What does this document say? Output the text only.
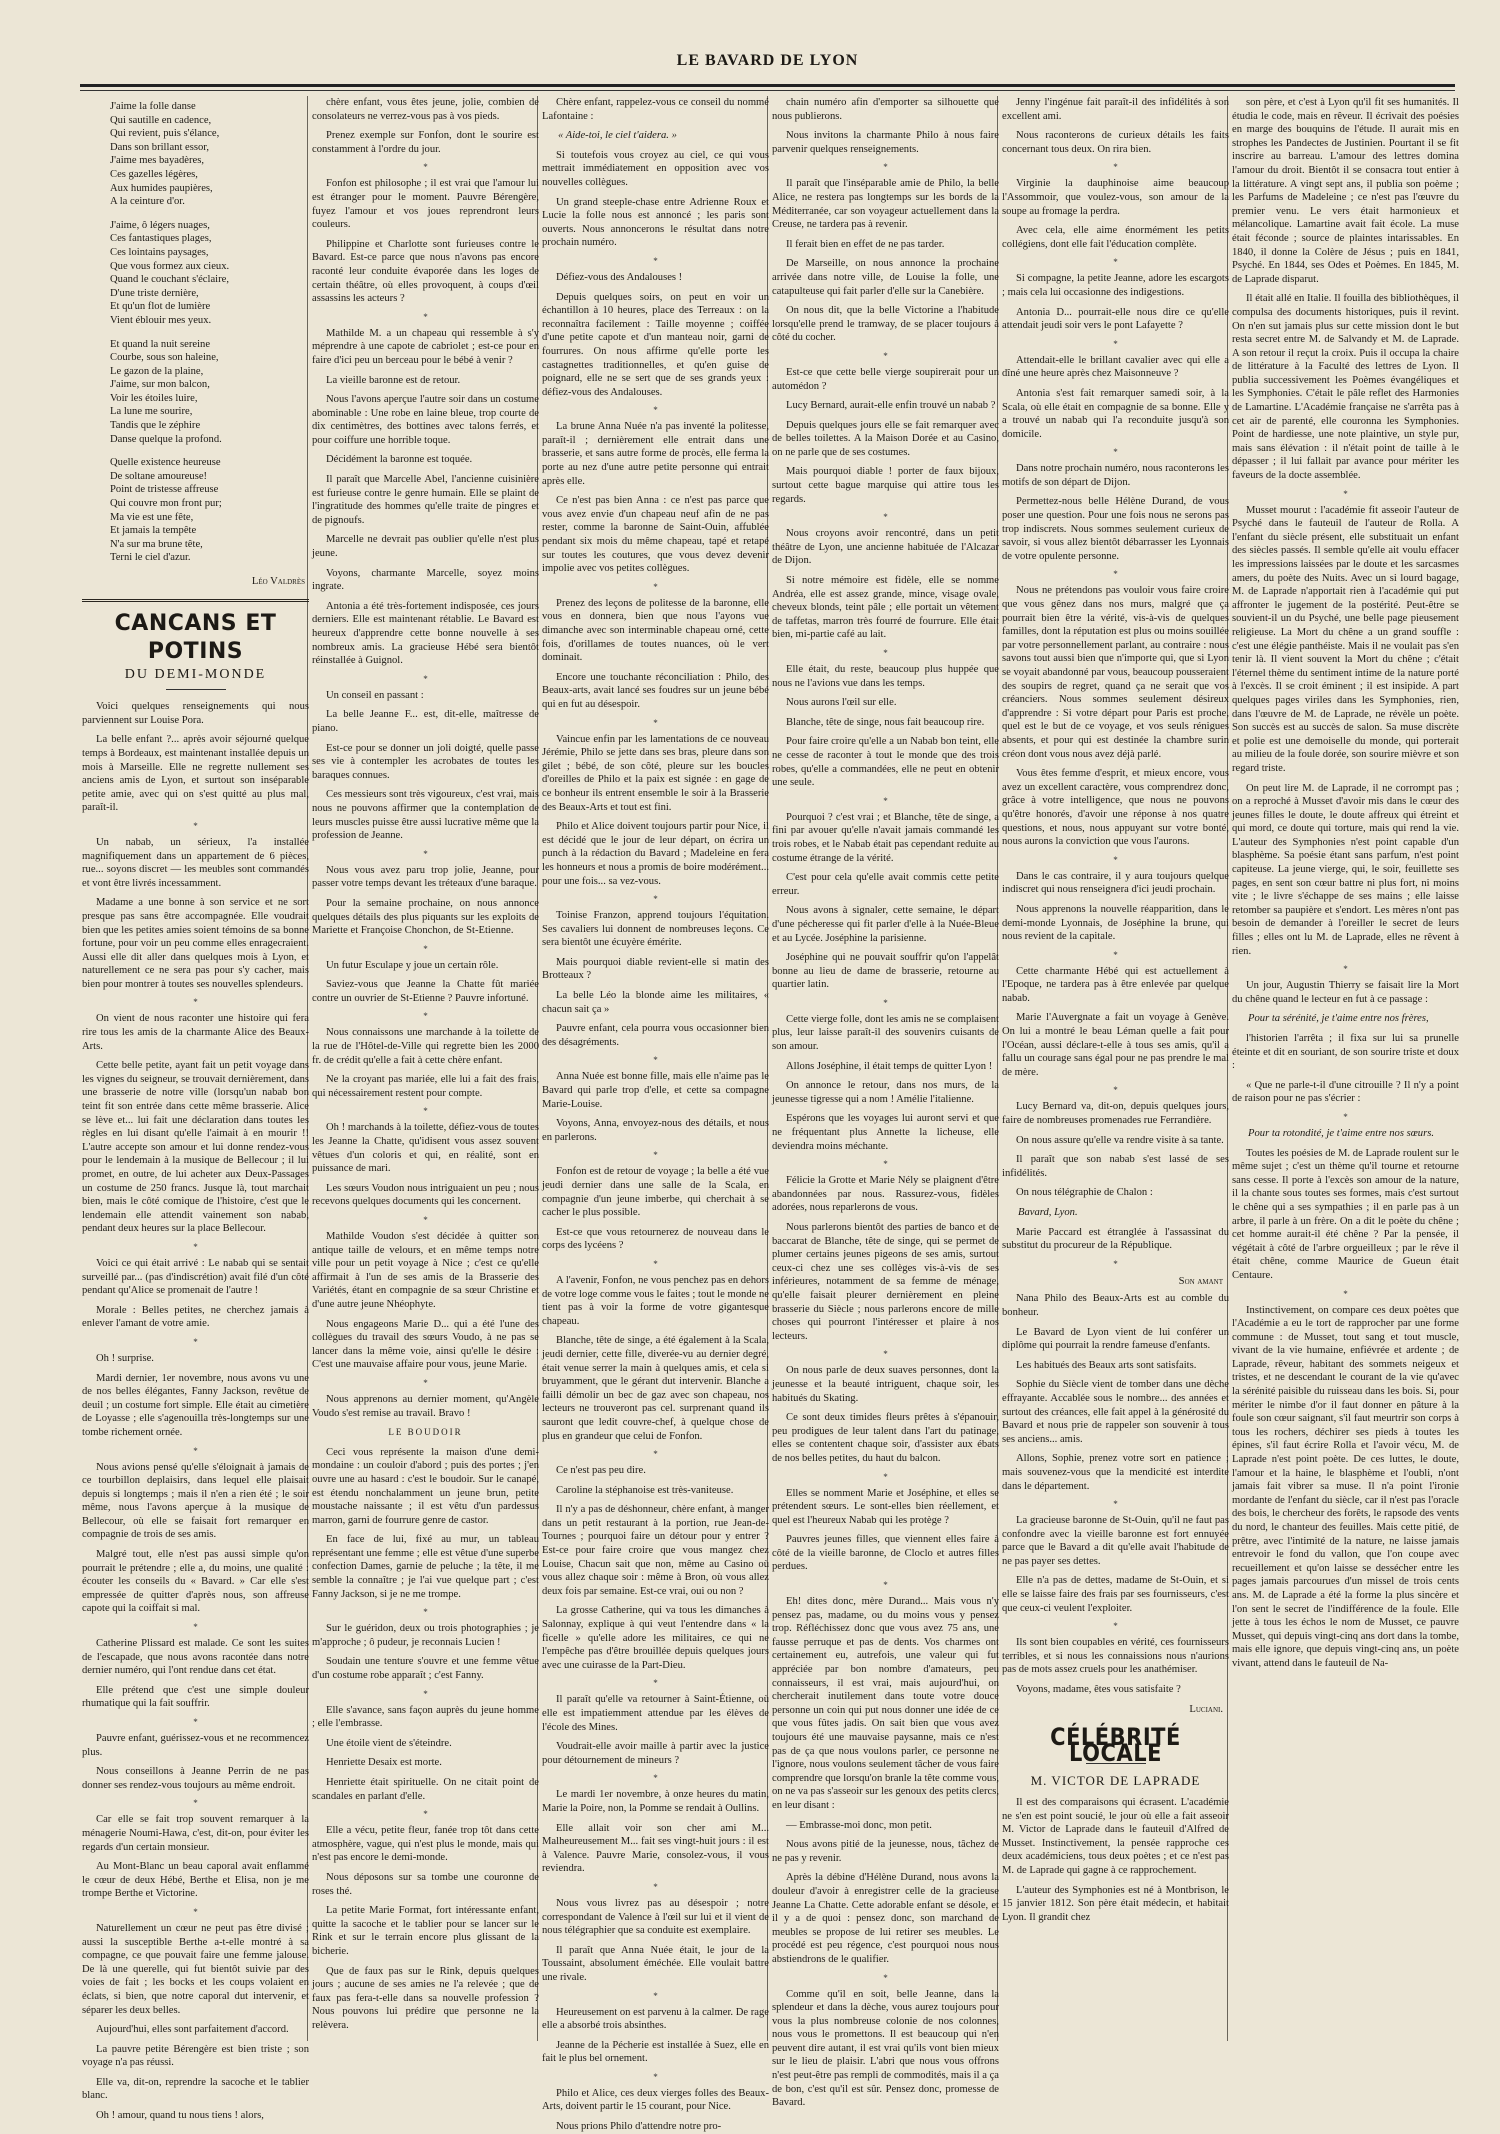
LE BAVARD DE LYON
J'aime la folle danse
Qui sautille en cadence,
Qui revient, puis s'élance,
Dans son brillant essor,
J'aime mes bayadères,
Ces gazelles légères,
Aux humides paupières,
A la ceinture d'or.
J'aime, ô légers nuages,
Ces fantastiques plages,
Ces lointains paysages,
Que vous formez aux cieux.
Quand le couchant s'éclaire,
D'une triste dernière,
Et qu'un flot de lumière
Vient éblouir mes yeux.
Et quand la nuit sereine
Courbe, sous son haleine,
Le gazon de la plaine,
J'aime, sur mon balcon,
Voir les étoiles luire,
La lune me sourire,
Tandis que le zéphire
Danse quelque la profond.
Quelle existence heureuse
De soltane amoureuse!
Point de tristesse affreuse
Qui couvre mon front pur;
Ma vie est une fête,
Et jamais la tempête
N'a sur ma brune tête,
Terni le ciel d'azur.
Léo Valdrès
CANCANS ET POTINS
DU DEMI-MONDE

Voici quelques renseignements qui nous parviennent sur Louise Pora.

La belle enfant ?... après avoir séjourné quelque temps à Bordeaux, est maintenant installée depuis un mois à Marseille. Elle ne regrette nullement ses anciens amis de Lyon, et surtout son inséparable petite amie, avec qui on s'est quitté au plus mal, paraît-il.

*

Un nabab, un sérieux, l'a installée magnifiquement dans un appartement de 6 pièces, rue... soyons discret — les meubles sont commandés et vont être livrés incessamment.

Madame a une bonne à son service et ne sort presque pas sans être accompagnée. Elle voudrait bien que les petites amies soient témoins de sa bonne fortune, pour voir un peu comme elles enragecraient. Aussi elle dit aller dans quelques mois à Lyon, et naturellement ce ne sera pas pour s'y cacher, mais bien pour montrer à toutes ses nouvelles splendeurs.

*

On vient de nous raconter une histoire qui fera rire tous les amis de la charmante Alice des Beaux-Arts.

Cette belle petite, ayant fait un petit voyage dans les vignes du seigneur, se trouvait dernièrement, dans une brasserie de notre ville (lorsqu'un nabab bon teint fit son entrée dans cette même brasserie. Alice se lève et... lui fait une déclaration dans toutes les règles en lui disant qu'elle l'aimait à en mourir !! L'autre accepte son amour et lui donne rendez-vous pour le lendemain à la musique de Bellecour ; il lui promet, en outre, de lui acheter aux Deux-Passages un costume de 250 francs. Jusque là, tout marchait bien, mais le côté comique de l'histoire, c'est que le lendemain elle attendit vainement son nabab, pendant deux heures sur la place Bellecour.

*

Voici ce qui était arrivé : Le nabab qui se sentait surveillé par... (pas d'indiscrétion) avait filé d'un côté pendant qu'Alice se promenait de l'autre !

Morale : Belles petites, ne cherchez jamais à enlever l'amant de votre amie.

*

Oh ! surprise.

Mardi dernier, 1er novembre, nous avons vu une de nos belles élégantes, Fanny Jackson, revêtue de deuil ; un costume fort simple. Elle était au cimetière de Loyasse ; elle s'agenouilla très-longtemps sur une tombe richement ornée.

*

Nous avions pensé qu'elle s'éloignait à jamais de ce tourbillon deplaisirs, dans lequel elle plaisait depuis si longtemps ; mais il n'en a rien été ; le soir même, nous l'avons aperçue à la musique de Bellecour, où elle se faisait fort remarquer en compagnie de trois de ses amis.

Malgré tout, elle n'est pas aussi simple qu'on pourrait le prétendre ; elle a, du moins, une qualité : écouter les conseils du « Bavard. » Car elle s'est empressée de quitter d'après nous, son affreuse capote qui la coiffait si mal.

*

Catherine Plissard est malade. Ce sont les suites de l'escapade, que nous avons racontée dans notre dernier numéro, qui l'ont rendue dans cet état.

Elle prétend que c'est une simple douleur rhumatique qui la fait souffrir.

*

Pauvre enfant, guérissez-vous et ne recommencez plus.

Nous conseillons à Jeanne Perrin de ne pas donner ses rendez-vous toujours au même endroit.

*

Car elle se fait trop souvent remarquer à la ménagerie Noumi-Hawa, c'est, dit-on, pour éviter les regards d'un certain monsieur.

Au Mont-Blanc un beau caporal avait enflammé le cœur de deux Hébé, Berthe et Elisa, non je me trompe Berthe et Victorine.

*

Naturellement un cœur ne peut pas être divisé ; aussi la susceptible Berthe a-t-elle montré à sa compagne, ce que pouvait faire une femme jalouse. De là une querelle, qui fut bientôt suivie par des voies de fait ; les bocks et les coups volaient en éclats, si bien, que notre caporal dut intervenir, et séparer les deux belles.

Aujourd'hui, elles sont parfaitement d'accord.

La pauvre petite Bérengère est bien triste ; son voyage n'a pas réussi.

Elle va, dit-on, reprendre la sacoche et le tablier blanc.

Oh ! amour, quand tu nous tiens ! alors,

chère enfant, vous êtes jeune, jolie, combien de consolateurs ne verrez-vous pas à vos pieds.

Prenez exemple sur Fonfon, dont le sourire est constamment à l'ordre du jour.

*

Fonfon est philosophe ; il est vrai que l'amour lui est étranger pour le moment. Pauvre Bérengère, fuyez l'amour et vos joues reprendront leurs couleurs.

Philippine et Charlotte sont furieuses contre le Bavard. Est-ce parce que nous n'avons pas encore raconté leur conduite évaporée dans les loges de certain théâtre, où elles provoquent, à coups d'œil assassins les acteurs ?

*

Mathilde M. a un chapeau qui ressemble à s'y méprendre à une capote de cabriolet ; est-ce pour en faire d'ici peu un berceau pour le bébé à venir ?

La vieille baronne est de retour.

Nous l'avons aperçue l'autre soir dans un costume abominable : Une robe en laine bleue, trop courte de dix centimètres, des bottines avec talons ferrés, et pour coiffure une horrible toque.

Décidément la baronne est toquée.

Il paraît que Marcelle Abel, l'ancienne cuisinière est furieuse contre le genre humain. Elle se plaint de l'ingratitude des hommes qu'elle traite de pingres et de pignoufs.

Marcelle ne devrait pas oublier qu'elle n'est plus jeune.

Voyons, charmante Marcelle, soyez moins ingrate.

Antonia a été très-fortement indisposée, ces jours derniers. Elle est maintenant rétablie. Le Bavard est heureux d'apprendre cette bonne nouvelle à ses nombreux amis. La gracieuse Hébé sera bientôt réinstallée à Guignol.

*

Un conseil en passant :

La belle Jeanne F... est, dit-elle, maîtresse de piano.

Est-ce pour se donner un joli doigté, quelle passe ses vie à contempler les acrobates de toutes les baraques connues.

Ces messieurs sont très vigoureux, c'est vrai, mais nous ne pouvons affirmer que la contemplation de leurs muscles puisse être aussi lucrative même que la profession de Jeanne.

*

Nous vous avez paru trop jolie, Jeanne, pour passer votre temps devant les tréteaux d'une baraque.

Pour la semaine prochaine, on nous annonce quelques détails des plus piquants sur les exploits de Mariette et Françoise Chonchon, de St-Etienne.

*

Un futur Esculape y joue un certain rôle.

Saviez-vous que Jeanne la Chatte fût mariée contre un ouvrier de St-Etienne ? Pauvre infortuné.

*

Nous connaissons une marchande à la toilette de la rue de l'Hôtel-de-Ville qui regrette bien les 2000 fr. de crédit qu'elle a fait à cette chère enfant.

Ne la croyant pas mariée, elle lui a fait des frais, qui nécessairement restent pour compte.

*

Oh ! marchands à la toilette, défiez-vous de toutes les Jeanne la Chatte, qu'idisent vous assez souvent vêtues d'un coloris et qui, en réalité, sont en puissance de mari.

Les sœurs Voudon nous intriguaient un peu ; nous recevons quelques documents qui les concernent.

*

Mathilde Voudon s'est décidée à quitter son antique taille de velours, et en même temps notre ville pour un petit voyage à Nice ; c'est ce qu'elle affirmait à l'un de ses amis de la Brasserie des Variétés, étant en compagnie de sa sœur Christine et d'une autre jeune Nhéophyte.

Nous engageons Marie D... qui a été l'une des collègues du travail des sœurs Voudo, à ne pas se lancer dans la même voie, ainsi qu'elle le désire : C'est une mauvaise affaire pour vous, jeune Marie.

*

Nous apprenons au dernier moment, qu'Angèle Voudo s'est remise au travail. Bravo !

LE BOUDOIR

Ceci vous représente la maison d'une demi-mondaine : un couloir d'abord ; puis des portes ; j'en ouvre une au hasard : c'est le boudoir. Sur le canapé, est étendu nonchalamment un jeune brun, petite moustache naissante ; il est vêtu d'un pardessus marron, garni de fourrure genre de castor.

En face de lui, fixé au mur, un tableau représentant une femme ; elle est vêtue d'une superbe confection Dames, garnie de peluche ; la tête, il me semble la connaître ; je l'ai vue quelque part ; c'est Fanny Jackson, si je ne me trompe.

*

Sur le guéridon, deux ou trois photographies ; je m'approche ; ô pudeur, je reconnais Lucien !

Soudain une tenture s'ouvre et une femme vêtue d'un costume robe apparaît ; c'est Fanny.

*

Elle s'avance, sans façon auprès du jeune homme ; elle l'embrasse.

Une étoile vient de s'éteindre.

Henriette Desaix est morte.

Henriette était spirituelle. On ne citait point de scandales en parlant d'elle.

*

Elle a vécu, petite fleur, fanée trop tôt dans cette atmosphère, vague, qui n'est plus le monde, mais qui n'est pas encore le demi-monde.

Nous déposons sur sa tombe une couronne de roses thé.

La petite Marie Format, fort intéressante enfant, quitte la sacoche et le tablier pour se lancer sur le Rink et sur le terrain encore plus glissant de la bicherie.

Que de faux pas sur le Rink, depuis quelques jours ; aucune de ses amies ne l'a relevée ; que de faux pas fera-t-elle dans sa nouvelle profession ? Nous pouvons lui prédire que personne ne la relèvera.

Chère enfant, rappelez-vous ce conseil du nommé Lafontaine :

« Aide-toi, le ciel t'aidera. »

Si toutefois vous croyez au ciel, ce qui vous mettrait immédiatement en opposition avec vos nouvelles collègues.

Un grand steeple-chase entre Adrienne Roux et Lucie la folle nous est annoncé ; les paris sont ouverts. Nous annoncerons le résultat dans notre prochain numéro.

*

Défiez-vous des Andalouses !

Depuis quelques soirs, on peut en voir un échantillon à 10 heures, place des Terreaux : on la reconnaîtra facilement : Taille moyenne ; coiffée d'une petite capote et d'un manteau noir, garni de fourrures. On nous affirme qu'elle porte les castagnettes traditionnelles, et qu'en guise de poignard, elle ne se sert que de ses grands yeux : défiez-vous des Andalouses.

*

La brune Anna Nuée n'a pas inventé la politesse, paraît-il ; dernièrement elle entrait dans une brasserie, et sans autre forme de procès, elle ferma la porte au nez d'une autre petite personne qui entrait après elle.

Ce n'est pas bien Anna : ce n'est pas parce que vous avez envie d'un chapeau neuf afin de ne pas rester, comme la baronne de Saint-Ouin, affublée pendant six mois du même chapeau, tapé et retapé sur toutes les coutures, que vous devez devenir impolie avec vos petites collègues.

*

Prenez des leçons de politesse de la baronne, elle vous en donnera, bien que nous l'ayons vue dimanche avec son interminable chapeau orné, cette fois, d'orillames de toutes nuances, où le vert dominait.

Encore une touchante réconciliation : Philo, des Beaux-arts, avait lancé ses foudres sur un jeune bébé qui en fut au désespoir.

*

Vaincue enfin par les lamentations de ce nouveau Jérémie, Philo se jette dans ses bras, pleure dans son gilet ; bébé, de son côté, pleure sur les boucles d'oreilles de Philo et la paix est signée : en gage de ce bonheur ils entrent ensemble le soir à la Brasserie des Beaux-Arts et tout est fini.

Philo et Alice doivent toujours partir pour Nice, il est décidé que le jour de leur départ, on écrira un punch à la rédaction du Bavard ; Madeleine en fera les honneurs et nous a promis de boire modérément... pour une fois... sa vez-vous.

*

Toinise Franzon, apprend toujours l'équitation. Ses cavaliers lui donnent de nombreuses leçons. Ce sera bientôt une écuyère émérite.

Mais pourquoi diable revient-elle si matin des Brotteaux ?

La belle Léo la blonde aime les militaires, « chacun sait ça »

Pauvre enfant, cela pourra vous occasionner bien des désagréments.

*

Anna Nuée est bonne fille, mais elle n'aime pas le Bavard qui parle trop d'elle, et cette sa compagne Marie-Louise.

Voyons, Anna, envoyez-nous des détails, et nous en parlerons.

*

Fonfon est de retour de voyage ; la belle a été vue jeudi dernier dans une salle de la Scala, en compagnie d'un jeune imberbe, qui cherchait à se cacher le plus possible.

Est-ce que vous retournerez de nouveau dans le corps des lycéens ?

*

A l'avenir, Fonfon, ne vous penchez pas en dehors de votre loge comme vous le faites ; tout le monde ne tient pas à voir la forme de votre gigantesque chapeau.

Blanche, tête de singe, a été également à la Scala, jeudi dernier, cette fille, diverée-vu au dernier degré, était venue serrer la main à quelques amis, et cela si bruyamment, que le gérant dut intervenir. Blanche a failli démolir un bec de gaz avec son chapeau, nos lecteurs ne trouveront pas cel. surprenant quand ils sauront que ledit couvre-chef, à quelque chose de plus en grandeur que celui de Fonfon.

*

Ce n'est pas peu dire.

Caroline la stéphanoise est très-vaniteuse.

Il n'y a pas de déshonneur, chère enfant, à manger dans un petit restaurant à la portion, rue Jean-de-Tournes ; pourquoi faire un détour pour y entrer ? Est-ce pour faire croire que vous mangez chez Louise, Chacun sait que non, même au Casino où vous allez chaque soir : même à Bron, où vous allez deux fois par semaine. Est-ce vrai, oui ou non ?

La grosse Catherine, qui va tous les dimanches à Salonnay, explique à qui veut l'entendre dans « la ficelle » qu'elle adore les militaires, ce qui ne l'empêche pas d'être brouillée depuis quelques jours avec une cuirasse de la Part-Dieu.

*

Il paraît qu'elle va retourner à Saint-Étienne, où elle est impatiemment attendue par les élèves de l'école des Mines.

Voudrait-elle avoir maille à partir avec la justice pour détournement de mineurs ?

*

Le mardi 1er novembre, à onze heures du matin, Marie la Poire, non, la Pomme se rendait à Oullins.

Elle allait voir son cher ami M... Malheureusement M... fait ses vingt-huit jours : il est à Valence. Pauvre Marie, consolez-vous, il vous reviendra.

*

Nous vous livrez pas au désespoir ; notre correspondant de Valence à l'œil sur lui et il vient de nous télégraphier que sa conduite est exemplaire.

Il paraît que Anna Nuée était, le jour de la Toussaint, absolument éméchée. Elle voulait battre une rivale.

*

Heureusement on est parvenu à la calmer. De rage elle a absorbé trois absinthes.

Jeanne de la Pécherie est installée à Suez, elle en fait le plus bel ornement.

*

Philo et Alice, ces deux vierges folles des Beaux-Arts, doivent partir le 15 courant, pour Nice.

Nous prions Philo d'attendre notre pro-

chain numéro afin d'emporter sa silhouette que nous publierons.

Nous invitons la charmante Philo à nous faire parvenir quelques renseignements.

*

Il paraît que l'inséparable amie de Philo, la belle Alice, ne restera pas longtemps sur les bords de la Méditerranée, car son voyageur actuellement dans la Creuse, ne tardera pas à revenir.

Il ferait bien en effet de ne pas tarder.

De Marseille, on nous annonce la prochaine arrivée dans notre ville, de Louise la folle, une catapulteuse qui fait parler d'elle sur la Canebière.

On nous dit, que la belle Victorine a l'habitude lorsqu'elle prend le tramway, de se placer toujours à côté du cocher.

*

Est-ce que cette belle vierge soupirerait pour un automédon ?

Lucy Bernard, aurait-elle enfin trouvé un nabab ?

Depuis quelques jours elle se fait remarquer avec de belles toilettes. A la Maison Dorée et au Casino, on ne parle que de ses costumes.

Mais pourquoi diable ! porter de faux bijoux, surtout cette bague marquise qui attire tous les regards.

*

Nous croyons avoir rencontré, dans un petit théâtre de Lyon, une ancienne habituée de l'Alcazar de Dijon.

Si notre mémoire est fidèle, elle se nomme Andréa, elle est assez grande, mince, visage ovale, cheveux blonds, teint pâle ; elle portait un vêtement de taffetas, marron très fourré de fourrure. Elle était bien, mi-partie café au lait.

*

Elle était, du reste, beaucoup plus huppée que nous ne l'avions vue dans les temps.

Nous aurons l'œil sur elle.

Blanche, tête de singe, nous fait beaucoup rire.

Pour faire croire qu'elle a un Nabab bon teint, elle ne cesse de raconter à tout le monde que des trois robes, qu'elle a commandées, elle ne peut en obtenir une seule.

*

Pourquoi ? c'est vrai ; et Blanche, tête de singe, a fini par avouer qu'elle n'avait jamais commandé les trois robes, et le Nabab était pas cependant reduite au costume étrange de la vérité.

C'est pour cela qu'elle avait commis cette petite erreur.

Nous avons à signaler, cette semaine, le départ d'une pécheresse qui fit parler d'elle à la Nuée-Bleue et au Lycée. Joséphine la parisienne.

Joséphine qui ne pouvait souffrir qu'on l'appelât bonne au lieu de dame de brasserie, retourne au quartier latin.

*

Cette vierge folle, dont les amis ne se complaisent plus, leur laisse paraît-il des souvenirs cuisants de son amour.

Allons Joséphine, il était temps de quitter Lyon !

On annonce le retour, dans nos murs, de la jeunesse tigresse qui a nom ! Amélie l'italienne.

Espérons que les voyages lui auront servi et que ne fréquentant plus Annette la licheuse, elle deviendra moins méchante.

*

Félicie la Grotte et Marie Nély se plaignent d'être abandonnées par nous. Rassurez-vous, fidèles adorées, nous reparlerons de vous.

Nous parlerons bientôt des parties de banco et de baccarat de Blanche, tête de singe, qui se permet de plumer certains jeunes pigeons de ses amis, surtout ceux-ci chez une ses collèges vis-à-vis de ses inférieures, notamment de sa femme de ménage, qu'elle faisait pleurer dernièrement en pleine brasserie du Siècle ; nous parlerons encore de mille choses qui pourront l'intéresser et plaire à nos lecteurs.

*

On nous parle de deux suaves personnes, dont la jeunesse et la beauté intriguent, chaque soir, les habitués du Skating.

Ce sont deux timides fleurs prêtes à s'épanouir, peu prodigues de leur talent dans l'art du patinage, elles se contentent chaque soir, d'assister aux ébats de nos belles petites, du haut du balcon.

*

Elles se nomment Marie et Joséphine, et elles se prétendent sœurs. Le sont-elles bien réellement, et quel est l'heureux Nabab qui les protège ?

Pauvres jeunes filles, que viennent elles faire à côté de la vieille baronne, de Cloclo et autres filles perdues.

*

Eh! dites donc, mère Durand... Mais vous n'y pensez pas, madame, ou du moins vous y pensez trop. Réfléchissez donc que vous avez 75 ans, une fausse perruque et pas de dents. Vos charmes ont certainement eu, autrefois, une valeur qui fut appréciée par bon nombre d'amateurs, peu connaisseurs, il est vrai, mais aujourd'hui, on chercherait inutilement dans toute votre douce personne un coin qui put nous donner une idée de ce que vous fûtes jadis. On sait bien que vous avez toujours été une mauvaise paysanne, mais ce n'est pas de ça que nous voulons parler, ce personne ne l'ignore, nous voulons seulement tâcher de vous faire comprendre que lorsqu'on branle la tête comme vous, on ne va pas s'asseoir sur les genoux des petits clercs, en leur disant :

— Embrasse-moi donc, mon petit.

Nous avons pitié de la jeunesse, nous, tâchez de ne pas y revenir.

Après la débine d'Hélène Durand, nous avons la douleur d'avoir à enregistrer celle de la gracieuse Jeanne La Chatte. Cette adorable enfant se désole, et il y a de quoi : pensez donc, son marchand de meubles se propose de lui retirer ses meubles. Le procédé est peu régence, c'est pourquoi nous nous abstiendrons de le qualifier.

*

Comme qu'il en soit, belle Jeanne, dans la splendeur et dans la dèche, vous aurez toujours pour vous la plus nombreuse colonie de nos colonnes, nous vous le promettons. Il est beaucoup qui n'en peuvent dire autant, il est vrai qu'ils vont bien mieux sur le lieu de plaisir. L'abri que nous vous offrons n'est peut-être pas rempli de commodités, mais il a ça de bon, c'est qu'il est sûr. Pensez donc, promesse de Bavard.

Jenny l'ingénue fait paraît-il des infidélités à son excellent ami.

Nous raconterons de curieux détails les faits concernant tous deux. On rira bien.

*

Virginie la dauphinoise aime beaucoup l'Assommoir, que voulez-vous, son amour de la soupe au fromage la perdra.

Avec cela, elle aime énormément les petits collégiens, dont elle fait l'éducation complète.

*

Si compagne, la petite Jeanne, adore les escargots ; mais cela lui occasionne des indigestions.

Antonia D... pourrait-elle nous dire ce qu'elle attendait jeudi soir vers le pont Lafayette ?

*

Attendait-elle le brillant cavalier avec qui elle a dîné une heure après chez Maisonneuve ?

Antonia s'est fait remarquer samedi soir, à la Scala, où elle était en compagnie de sa bonne. Elle y a trouvé un nabab qui l'a reconduite jusqu'à son domicile.

*

Dans notre prochain numéro, nous raconterons les motifs de son départ de Dijon.

Permettez-nous belle Hélène Durand, de vous poser une question. Pour une fois nous ne serons pas trop indiscrets. Nous sommes seulement curieux de savoir, si vous allez bientôt débarrasser les Lyonnais de votre opulente personne.

*

Nous ne prétendons pas vouloir vous faire croire que vous gênez dans nos murs, malgré que ça pourrait bien être la vérité, vis-à-vis de quelques familles, dont la réputation est plus ou moins souillée par votre personnellement parlant, au contraire : nous savons tout aussi bien que n'importe qui, que si Lyon se voyait abandonné par vous, beaucoup pousseraient des soupirs de regret, quand ça ne serait que vos créanciers. Nous sommes seulement désireux d'apprendre : Si votre départ pour Paris est proche, quel est le but de ce voyage, et vos seuls rénigues absents, et pour qui est destinée la chambre surin créon dont vous nous avez déjà parlé.

Vous êtes femme d'esprit, et mieux encore, vous avez un excellent caractère, vous comprendrez donc, grâce à votre intelligence, que nous ne pouvons qu'être honorés, d'avoir une réponse à nos quatre questions, et nous, nous appuyant sur votre bonté, nous aurons la conviction que vous l'aurons.

*

Dans le cas contraire, il y aura toujours quelque indiscret qui nous renseignera d'ici jeudi prochain.

Nous apprenons la nouvelle réapparition, dans le demi-monde Lyonnais, de Joséphine la brune, qui nous revient de la capitale.

*

Cette charmante Hébé qui est actuellement à l'Epoque, ne tardera pas à être enlevée par quelque nabab.

Marie l'Auvergnate a fait un voyage à Genève. On lui a montré le beau Léman quelle a fait pour l'Océan, aussi déclare-t-elle à tous ses amis, qu'il a fallu un courage sans égal pour ne pas prendre le mal de mère.

*

Lucy Bernard va, dit-on, depuis quelques jours, faire de nombreuses promenades rue Ferrandière.

On nous assure qu'elle va rendre visite à sa tante.

Il paraît que son nabab s'est lassé de ses infidélités.

On nous télégraphie de Chalon :

Bavard, Lyon.

Marie Paccard est étranglée à l'assassinat du substitut du procureur de la République.

*

Son amant

Nana Philo des Beaux-Arts est au comble du bonheur.

Le Bavard de Lyon vient de lui conférer un diplôme qui pourrait la rendre fameuse d'enfants.

Les habitués des Beaux arts sont satisfaits.

Sophie du Siècle vient de tomber dans une dèche effrayante. Accablée sous le nombre... des années et surtout des créances, elle fait appel à la générosité du Bavard et nous prie de rappeler son souvenir à tous ses anciens... amis.

Allons, Sophie, prenez votre sort en patience ; mais souvenez-vous que la mendicité est interdite dans le département.

*

La gracieuse baronne de St-Ouin, qu'il ne faut pas confondre avec la vieille baronne est fort ennuyée parce que le Bavard a dit qu'elle avait l'habitude de ne pas payer ses dettes.

Elle n'a pas de dettes, madame de St-Ouin, et si elle se laisse faire des frais par ses fournisseurs, c'est que ceux-ci veulent l'exploiter.

*

Ils sont bien coupables en vérité, ces fournisseurs terribles, et si nous les connaissions nous n'aurions pas de mots assez cruels pour les anathémiser.

Voyons, madame, êtes vous satisfaite ?

Luciani.

CÉLÉBRITÉ LOCALE
M. VICTOR DE LAPRADE

Il est des comparaisons qui écrasent. L'académie ne s'en est point soucié, le jour où elle a fait asseoir M. Victor de Laprade dans le fauteuil d'Alfred de Musset. Instinctivement, la pensée rapproche ces deux académiciens, tous deux poètes ; et ce n'est pas M. de Laprade qui gagne à ce rapprochement.

L'auteur des Symphonies est né à Montbrison, le 15 janvier 1812. Son père était médecin, et habitait Lyon. Il grandit chez

son père, et c'est à Lyon qu'il fit ses humanités. Il étudia le code, mais en rêveur. Il écrivait des poésies en marge des bouquins de l'étude. Il aurait mis en strophes les Pandectes de Justinien. Pourtant il se fit inscrire au barreau. L'amour des lettres domina l'amour du droit. Bientôt il se consacra tout entier à la littérature. A vingt sept ans, il publia son poème ; les Parfums de Madeleine ; ce n'est pas l'œuvre du premier venu. Le vers était harmonieux et mélancolique. Lamartine avait fait école. La muse était féconde ; source de plaintes intarissables. En 1840, il donne la Colère de Jésus ; puis en 1841, Psyché. En 1844, ses Odes et Poèmes. En 1845, M. de Laprade disparut.

Il était allé en Italie. Il fouilla des bibliothèques, il compulsa des documents historiques, puis il revint. On n'en sut jamais plus sur cette mission dont le but resta secret entre M. de Salvandy et M. de Laprade. A son retour il reçut la croix. Puis il occupa la chaire de littérature à la Faculté des lettres de Lyon. Il publia successivement les Poèmes évangéliques et les Symphonies. C'était le pâle reflet des Harmonies de Lamartine. L'Académie française ne s'arrêta pas à cet air de parenté, elle couronna les Symphonies. Point de hardiesse, une note plaintive, un style pur, mais sans élévation : il n'était point de taille à le dépasser ; il lui fallait par avance pour mériter les faveurs de la docte assemblée.

*

Musset mourut : l'académie fit asseoir l'auteur de Psyché dans le fauteuil de l'auteur de Rolla. A l'enfant du siècle présent, elle substituait un enfant des siècles passés. Il semble qu'elle ait voulu effacer les impressions laissées par le doute et les sarcasmes amers, du poète des Nuits. Avec un si lourd bagage, M. de Laprade n'apportait rien à l'académie qui put affronter le jugement de la postérité. Peut-être se souvient-il un du Psyché, une belle page pieusement religieuse. La Mort du chêne a un grand souffle : c'est une élégie panthéiste. Mais il ne voulait pas s'en tenir là. Il vient souvent la Mort du chêne ; c'était l'éternel thème du sentiment intime de la nature porté à l'excès. Il se croit éminent ; il est insipide. A part quelques pages viriles dans les Symphonies, rien, dans l'œuvre de M. de Laprade, ne révèle un poète. Son succès est au succès de salon. Sa muse discrète et polie est une demoiselle du monde, qui porterait au milieu de la foule dorée, son sourire mièvre et son regard triste.

On peut lire M. de Laprade, il ne corrompt pas ; on a reproché à Musset d'avoir mis dans le cœur des jeunes filles le doute, le doute affreux qui étreint et qui mord, ce doute qui torture, mais qui rend la vie. L'auteur des Symphonies n'est point capable d'un blasphème. Sa poésie étant sans parfum, n'est point capiteuse. La jeune vierge, qui, le soir, feuillette ses pages, en sent son cœur battre ni plus fort, ni moins vite ; le livre s'échappe de ses mains ; elle laisse retomber sa paupière et s'endort. Les mères n'ont pas besoin de demander à l'oreiller le secret de leurs filles ; elles ont lu M. de Laprade, elles ne rêvent à rien.

*

Un jour, Augustin Thierry se faisait lire la Mort du chêne quand le lecteur en fut à ce passage :

Pour ta sérénité, je t'aime entre nos frères,

l'historien l'arrêta ; il fixa sur lui sa prunelle éteinte et dit en souriant, de son sourire triste et doux :

« Que ne parle-t-il d'une citrouille ? Il n'y a point de raison pour ne pas s'écrier :

*

Pour ta rotondité, je t'aime entre nos sœurs.

Toutes les poésies de M. de Laprade roulent sur le même sujet ; c'est un thème qu'il tourne et retourne sans cesse. Il porte à l'excès son amour de la nature, il la chante sous toutes ses formes, mais c'est surtout le chêne qui a ses sympathies ; il en parle pas à un arbre, il parle à un frère. On a dit le poète du chêne ; cet homme aurait-il été chêne ? Par la pensée, il végétait à côté de l'arbre orgueilleux ; par le rêve il était chêne, comme Maurice de Gueun était Centaure.

*

Instinctivement, on compare ces deux poètes que l'Académie a eu le tort de rapprocher par une forme commune : de Musset, tout sang et tout muscle, vivant de la vie humaine, enfiévrée et ardente ; de Laprade, rêveur, habitant des sommets neigeux et tristes, et ne descendant le courant de la vie qu'avec la sérénité paisible du ruisseau dans les bois. Si, pour mériter le nimbe d'or il faut donner en pâture à la foule son cœur saignant, s'il faut meurtrir son corps à tous les rochers, déchirer ses pieds à toutes les épines, s'il faut écrire Rolla et l'avoir vécu, M. de Laprade n'est point poète. De ces luttes, le doute, l'amour et la haine, le blasphème et l'oubli, n'ont jamais fait vibrer sa muse. Il n'a point l'ironie mordante de l'enfant du siècle, car il n'est pas l'oracle des bois, le chercheur des forêts, le rapsode des vents du nord, le chanteur des feuilles. Mais cette pitié, de prêtre, avec l'intimité de la nature, ne laisse jamais entrevoir le fond du vallon, que l'on coupe avec recueillement et qu'on laisse se dessécher entre les pages jamais parcourues d'un missel de trois cents ans. M. de Laprade a été la forme la plus sincère et l'on sent le secret de l'indifférence de la foule. Elle jette à tous les échos le nom de Musset, ce pauvre Musset, qui depuis vingt-cinq ans dort dans la tombe, mais elle ignore, que depuis vingt-cinq ans, un poète vivant, attend dans le fauteuil de Na-
